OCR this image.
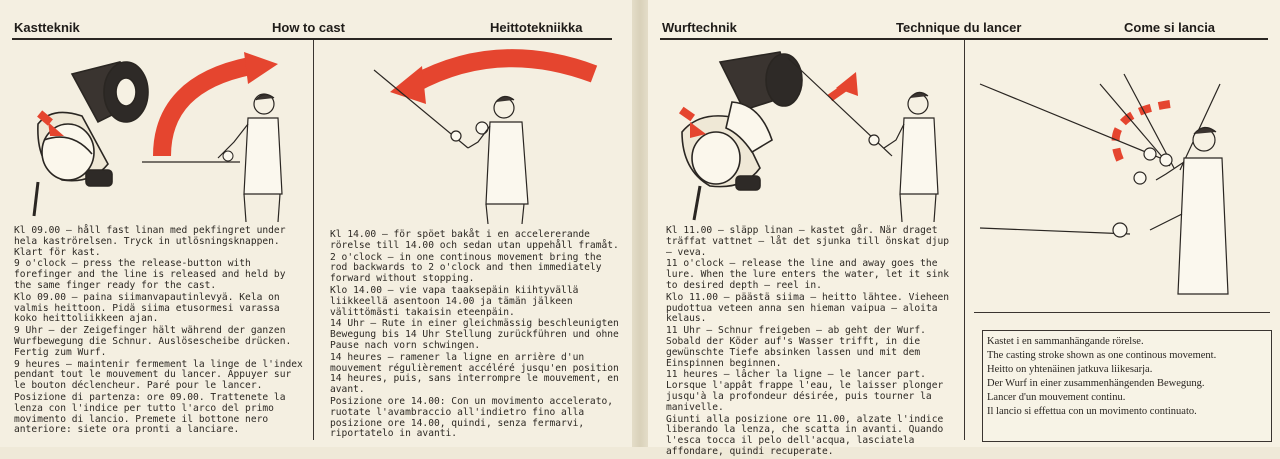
Kastteknik	How to cast	Heittotekniikka

Kl 09.00 — håll fast linan med pekfingret under hela kaströrelsen. Tryck in utlösningsknappen. Klart för kast.

9 o'clock — press the release-button with forefinger and the line is released and held by the same finger ready for the cast.

Klo 09.00 — paina siimanvapautinlevyä. Kela on valmis heittoon. Pidä siima etusormesi varassa koko heittoliikkeen ajan.

9 Uhr — der Zeigefinger hält während der ganzen Wurfbewegung die Schnur. Auslösescheibe drücken. Fertig zum Wurf.

9 heures — maintenir fermement la linge de l'index pendant tout le mouvement du lancer. Appuyer sur le bouton déclencheur. Paré pour le lancer.

Posizione di partenza: ore 09.00. Trattenete la lenza con l'indice per tutto l'arco del primo movimento di lancio. Premete il bottone nero anteriore: siete ora pronti a lanciare.

Kl 14.00 — för spöet bakåt i en accelererande rörelse till 14.00 och sedan utan uppehåll framåt.

2 o'clock — in one continous movement bring the rod backwards to 2 o'clock and then immediately forward without stopping.

Klo 14.00 — vie vapa taaksepäin kiihtyvällä liikkeellä asentoon 14.00 ja tämän jälkeen välittömästi takaisin eteenpäin.

14 Uhr — Rute in einer gleichmässig beschleunigten Bewegung bis 14 Uhr Stellung zurückführen und ohne Pause nach vorn schwingen.

14 heures — ramener la ligne en arrière d'un mouvement régulièrement accéléré jusqu'en position 14 heures, puis, sans interrompre le mouvement, en avant.

Posizione ore 14.00: Con un movimento accelerato, ruotate l'avambraccio all'indietro fino alla posizione ore 14.00, quindi, senza fermarvi, riportatelo in avanti.

Wurftechnik	Technique du lancer	Come si lancia

Kl 11.00 — släpp linan — kastet går. När draget träffat vattnet — låt det sjunka till önskat djup — veva.

11 o'clock — release the line and away goes the lure. When the lure enters the water, let it sink to desired depth — reel in.

Klo 11.00 — päästä siima — heitto lähtee. Vieheen pudottua veteen anna sen hieman vaipua — aloita kelaus.

11 Uhr — Schnur freigeben — ab geht der Wurf. Sobald der Köder auf's Wasser trifft, in die gewünschte Tiefe absinken lassen und mit dem Einspinnen beginnen.

11 heures — lâcher la ligne — le lancer part. Lorsque l'appât frappe l'eau, le laisser plonger jusqu'à la profondeur désirée, puis tourner la manivelle.

Giunti alla posizione ore 11.00, alzate l'indice liberando la lenza, che scatta in avanti. Quando l'esca tocca il pelo dell'acqua, lasciatela affondare, quindi recuperate.

Kastet i en sammanhängande rörelse.
The casting stroke shown as one continous movement.
Heitto on yhtenäinen jatkuva liikesarja.
Der Wurf in einer zusammenhängenden Bewegung.
Lancer d'un mouvement continu.
Il lancio si effettua con un movimento continuato.
